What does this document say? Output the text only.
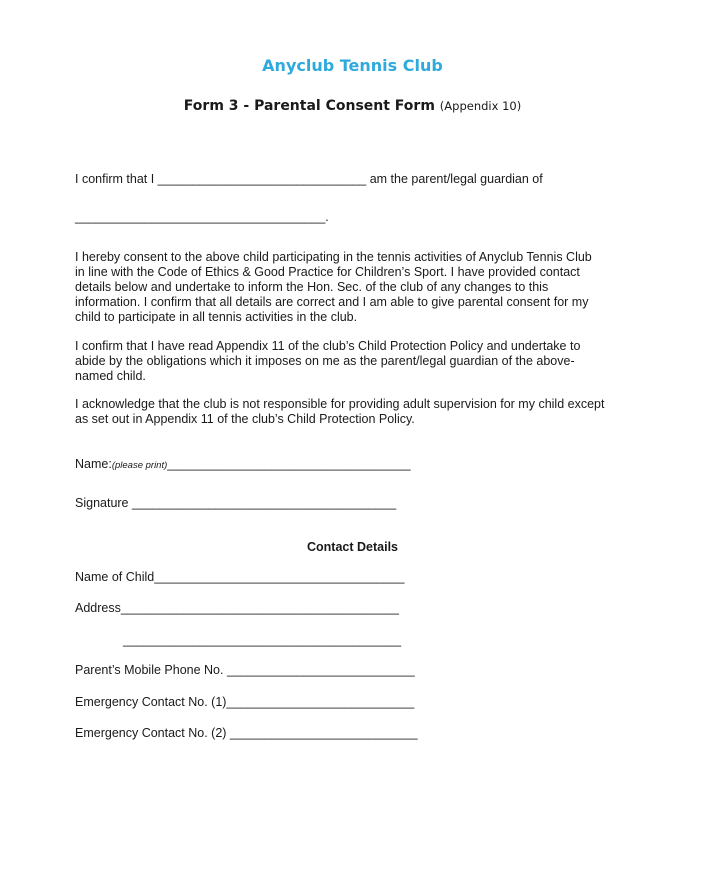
Anyclub Tennis Club
Form 3 - Parental Consent Form (Appendix 10)
I confirm that I ______________________________ am the parent/legal guardian of
____________________________________.
I hereby consent to the above child participating in the tennis activities of Anyclub Tennis Club
in line with the Code of Ethics & Good Practice for Children’s Sport. I have provided contact
details below and undertake to inform the Hon. Sec. of the club of any changes to this
information. I confirm that all details are correct and I am able to give parental consent for my
child to participate in all tennis activities in the club.
I confirm that I have read Appendix 11 of the club’s Child Protection Policy and undertake to
abide by the obligations which it imposes on me as the parent/legal guardian of the above-
named child.
I acknowledge that the club is not responsible for providing adult supervision for my child except
as set out in Appendix 11 of the club’s Child Protection Policy.
Name:(please print)___________________________________
Signature ______________________________________
Contact Details
Name of Child____________________________________
Address________________________________________
________________________________________
Parent’s Mobile Phone No. ___________________________
Emergency Contact No. (1)___________________________
Emergency Contact No. (2) ___________________________
